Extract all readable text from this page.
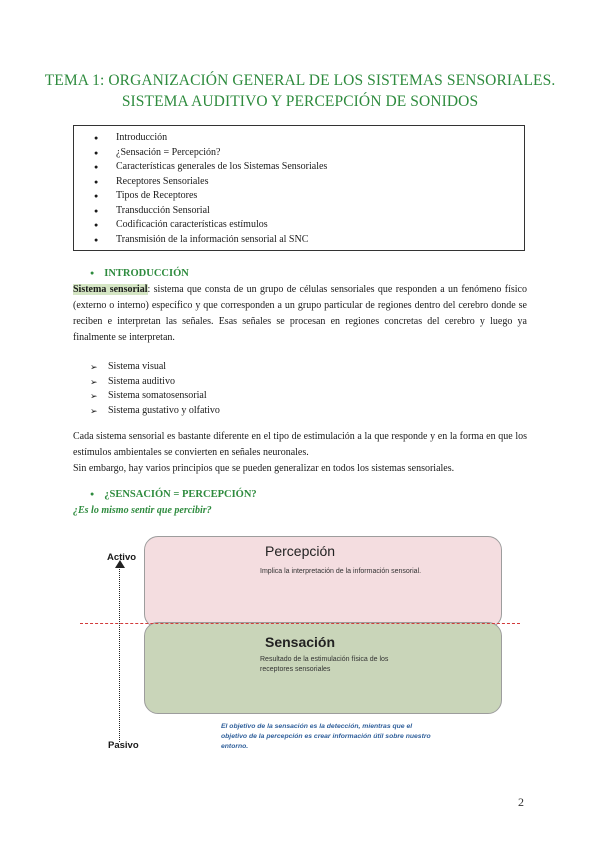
TEMA 1: ORGANIZACIÓN GENERAL DE LOS SISTEMAS SENSORIALES. SISTEMA AUDITIVO Y PERCEPCIÓN DE SONIDOS
● Introducción
● ¿Sensación = Percepción?
● Características generales de los Sistemas Sensoriales
● Receptores Sensoriales
● Tipos de Receptores
● Transducción Sensorial
● Codificación características estímulos
● Transmisión de la información sensorial al SNC
● INTRODUCCIÓN

Sistema sensorial: sistema que consta de un grupo de células sensoriales que responden a un fenómeno físico (externo o interno) específico y que corresponden a un grupo particular de regiones dentro del cerebro donde se reciben e interpretan las señales. Esas señales se procesan en regiones concretas del cerebro y luego ya finalmente se interpretan.

➢ Sistema visual
➢ Sistema auditivo
➢ Sistema somatosensorial
➢ Sistema gustativo y olfativo

Cada sistema sensorial es bastante diferente en el tipo de estimulación a la que responde y en la forma en que los estímulos ambientales se convierten en señales neuronales.

Sin embargo, hay varios principios que se pueden generalizar en todos los sistemas sensoriales.

● ¿SENSACIÓN = PERCEPCIÓN?

¿Es lo mismo sentir que percibir?

Activo
Pasivo
Percepción
Implica la interpretación de la información sensorial.
Sensación
Resultado de la estimulación física de los receptores sensoriales
El objetivo de la sensación es la detección, mientras que el objetivo de la percepción es crear información útil sobre nuestro entorno.
2
